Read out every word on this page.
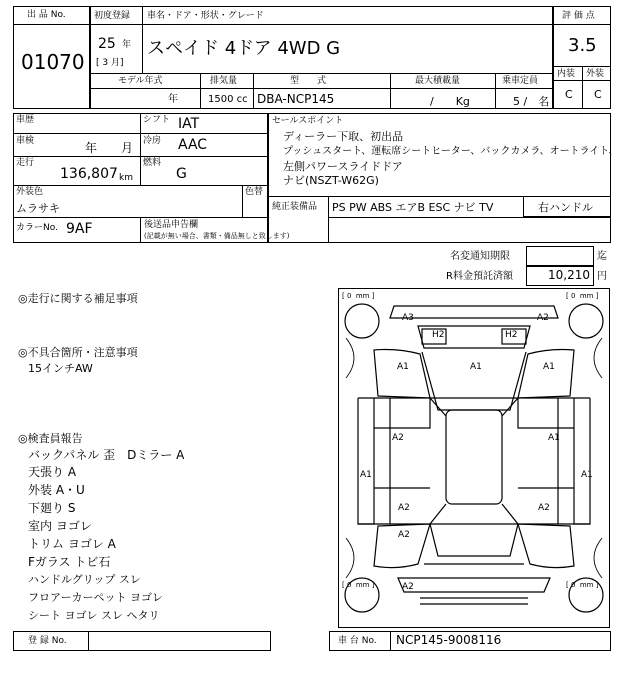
出 品 No.
01070
初度登録 車名・ドア・形状・グレード
25 年
[ 3 月]
スペイド 4ドア 4WD G
モデル年式	排気量	型　　式	最大積載量	乗車定員
年	1500 cc DBA-NCP145	/　　Kg	5 /　名
評 価 点
3.5
内装 外装
C C
車歴
車検	年　　月
走行
136,807 km
シフト IAT
冷房 AAC
燃料
G
外装色
ムラサキ
色替
カラーNo. 9AF	後送品申告欄
(記載が無い場合、書類・備品無しと致します)
セールスポイント
ディーラー下取、初出品
プッシュスタート、運転席シートヒーター、バックカメラ、オートライト、
左側パワースライドドア
ナビ(NSZT-W62G)
純正装備品 PS PW ABS エアB ESC ナビ TV	右ハンドル
名変通知期限	迄
R料金預託済額	10,210 円
◎走行に関する補足事項
◎不具合箇所・注意事項
15インチAW
◎検査員報告
バックパネル 歪　Dミラー A
天張り A
外装 A・U
下廻り S
室内 ヨゴレ
トリム ヨゴレ A
Fガラス トビ石
ハンドルグリップ スレ
フロアーカーペット ヨゴレ
シート ヨゴレ スレ ヘタリ
[ 0  mm ]	[ 0  mm ]
[ 0  mm ]	[ 0  mm ]
A3	A2
H2	H2
A1	A1	A1
A2	A1
A1	A1
A2	A2
A2
A2
登 録 No.	車 台 No. NCP145-9008116
